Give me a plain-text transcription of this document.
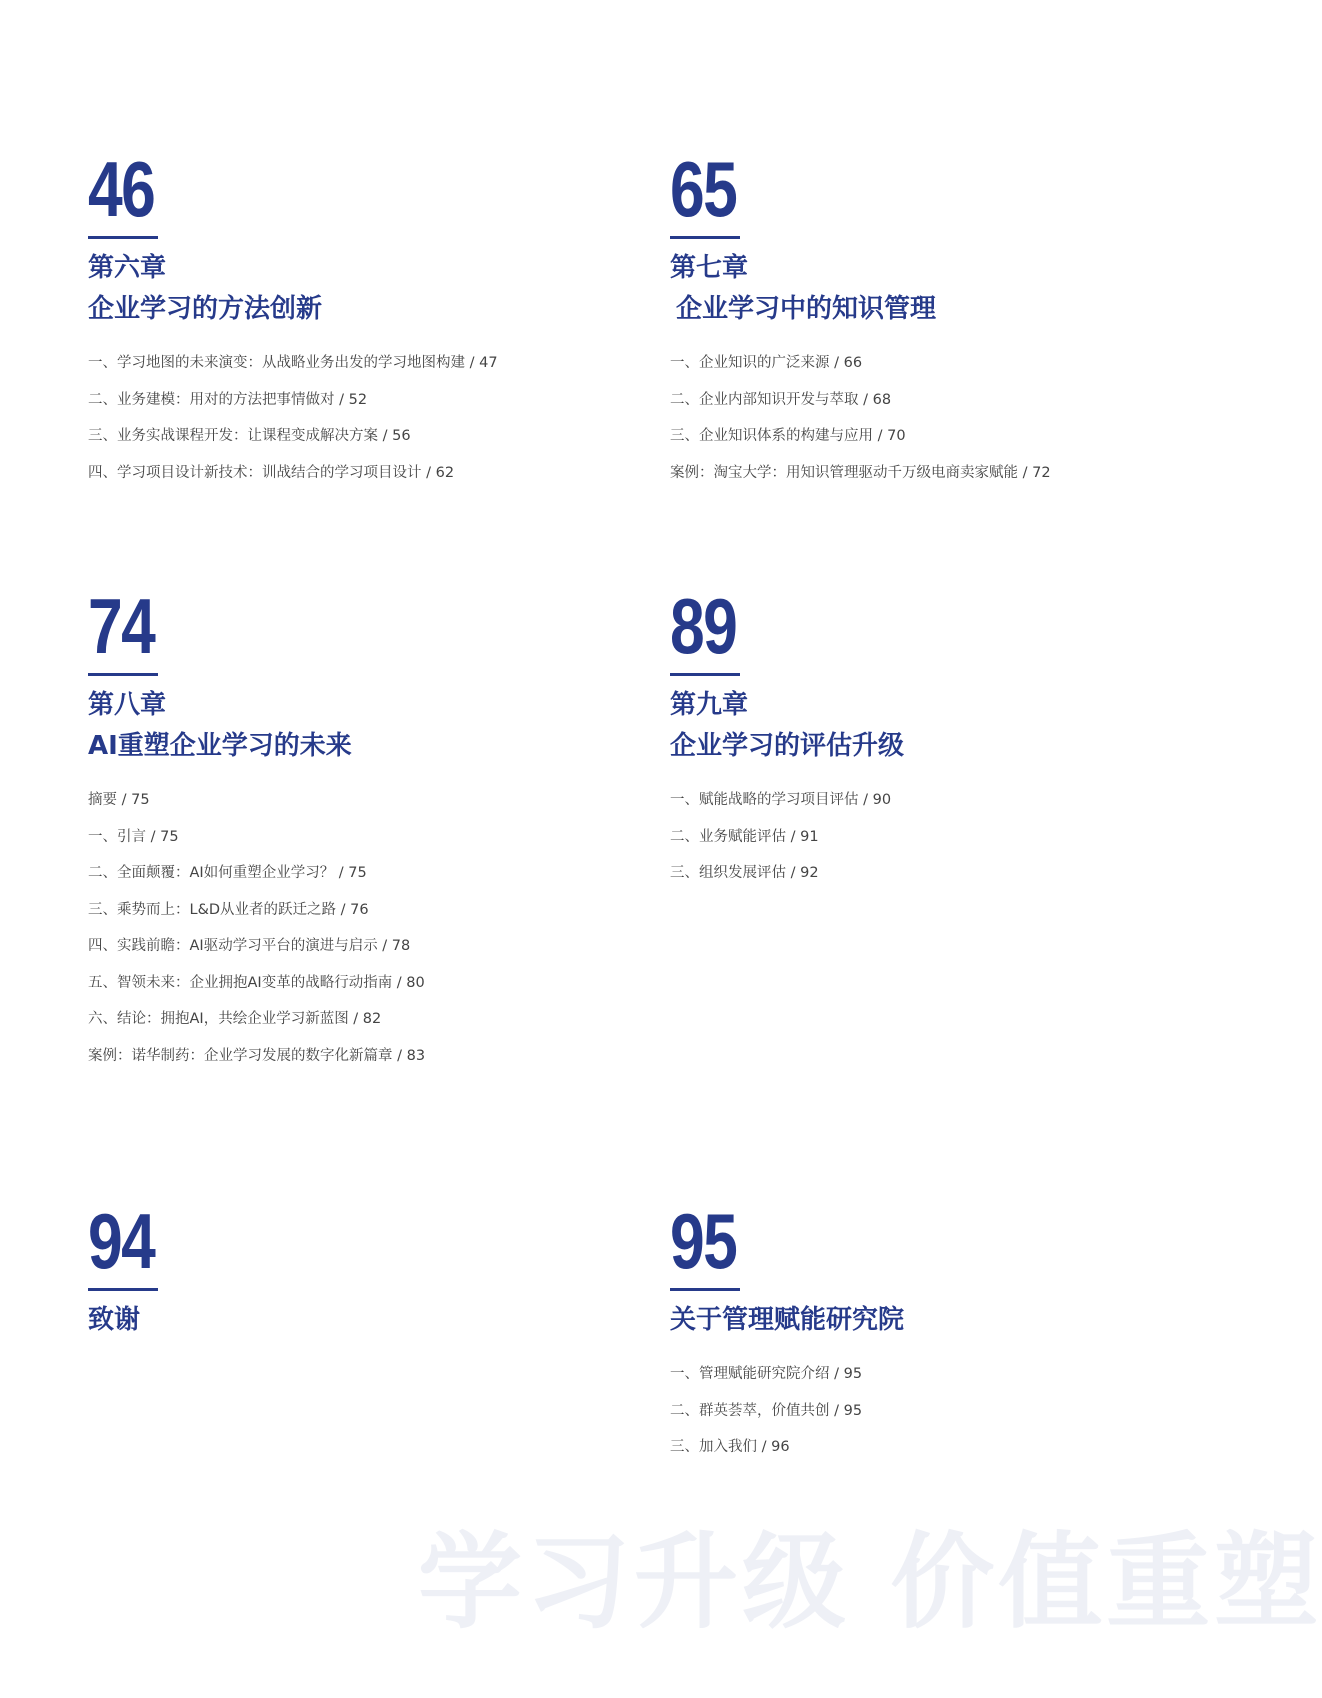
46
第六章
企业学习的方法创新
一、学习地图的未来演变：从战略业务出发的学习地图构建 / 47
二、业务建模：用对的方法把事情做对 / 52
三、业务实战课程开发：让课程变成解决方案 / 56
四、学习项目设计新技术：训战结合的学习项目设计 / 62
65
第七章
企业学习中的知识管理
一、企业知识的广泛来源 / 66
二、企业内部知识开发与萃取 / 68
三、企业知识体系的构建与应用 / 70
案例：淘宝大学：用知识管理驱动千万级电商卖家赋能 / 72
74
第八章
AI重塑企业学习的未来
摘要 / 75
一、引言 / 75
二、全面颠覆：AI如何重塑企业学习？ / 75
三、乘势而上：L&D从业者的跃迁之路 / 76
四、实践前瞻：AI驱动学习平台的演进与启示 / 78
五、智领未来：企业拥抱AI变革的战略行动指南 / 80
六、结论：拥抱AI，共绘企业学习新蓝图 / 82
案例：诺华制药：企业学习发展的数字化新篇章 / 83
89
第九章
企业学习的评估升级
一、赋能战略的学习项目评估 / 90
二、业务赋能评估 / 91
三、组织发展评估 / 92
94
致谢
95
关于管理赋能研究院
一、管理赋能研究院介绍 / 95
二、群英荟萃，价值共创 / 95
三、加入我们 / 96
学习升级 价值重塑
